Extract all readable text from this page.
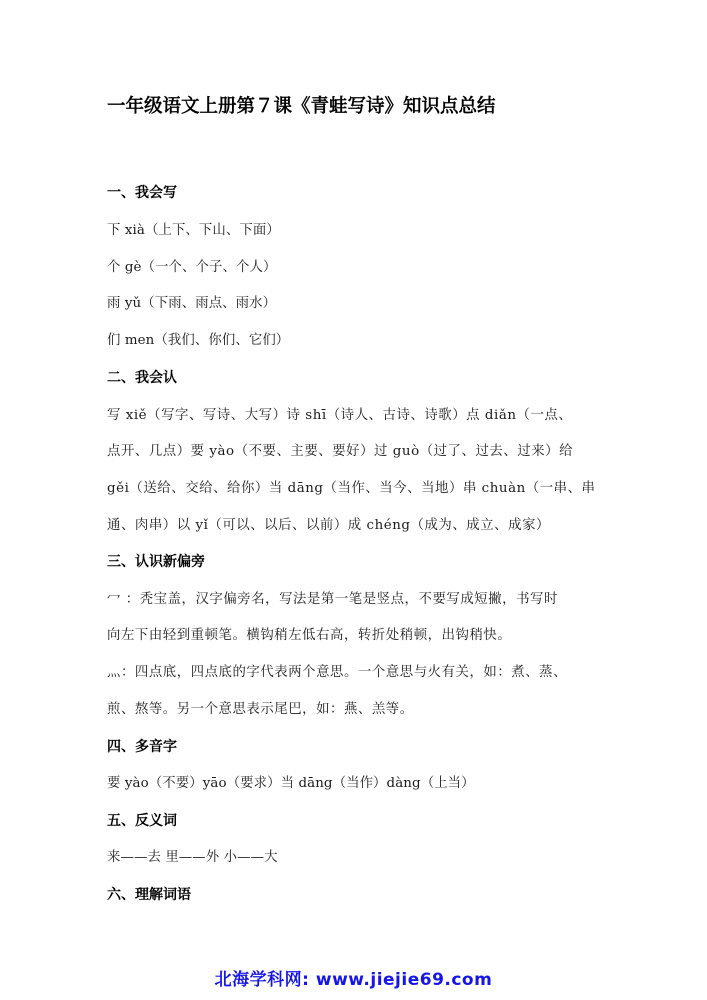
一年级语文上册第７课《青蛙写诗》知识点总结
一、我会写

下 xià（上下、下山、下面）

个 gè（一个、个子、个人）

雨 yǔ（下雨、雨点、雨水）

们 men（我们、你们、它们）

二、我会认

写 xiě（写字、写诗、大写）诗 shī（诗人、古诗、诗歌）点 diǎn（一点、

点开、几点）要 yào（不要、主要、要好）过 guò（过了、过去、过来）给

gěi（送给、交给、给你）当 dāng（当作、当今、当地）串 chuàn（一串、串

通、肉串）以 yǐ（可以、以后、以前）成 chéng（成为、成立、成家）

三、认识新偏旁

冖 ：秃宝盖，汉字偏旁名，写法是第一笔是竖点，不要写成短撇，书写时

向左下由轻到重顿笔。横钩稍左低右高，转折处稍顿，出钩稍快。

灬：四点底，四点底的字代表两个意思。一个意思与火有关，如：煮、蒸、

煎、熬等。另一个意思表示尾巴，如：燕、羔等。

四、多音字

要 yào（不要）yāo（要求）当 dāng（当作）dàng（上当）

五、反义词

来——去 里——外 小——大

六、理解词语
北海学科网: www.jiejie69.com
